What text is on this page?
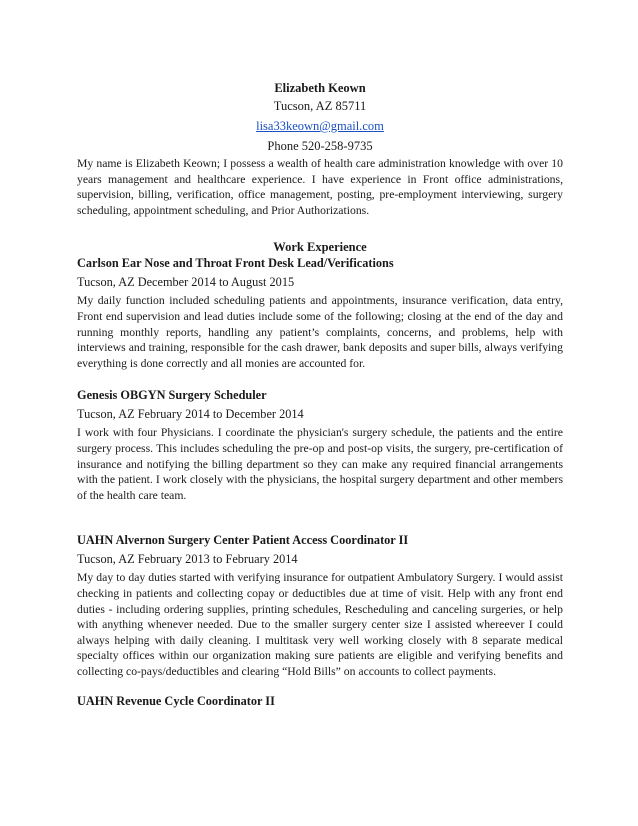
Elizabeth Keown
Tucson, AZ 85711
lisa33keown@gmail.com
Phone 520-258-9735

My name is Elizabeth Keown; I possess a wealth of health care administration knowledge with over 10 years management and healthcare experience. I have experience in Front office administrations, supervision, billing, verification, office management, posting, pre-employment interviewing, surgery scheduling, appointment scheduling, and Prior Authorizations.

Work Experience

Carlson Ear Nose and Throat Front Desk Lead/Verifications

Tucson, AZ December 2014 to August 2015

My daily function included scheduling patients and appointments, insurance verification, data entry, Front end supervision and lead duties include some of the following; closing at the end of the day and running monthly reports, handling any patient’s complaints, concerns, and problems, help with interviews and training, responsible for the cash drawer, bank deposits and super bills, always verifying everything is done correctly and all monies are accounted for.

Genesis OBGYN Surgery Scheduler

Tucson, AZ February 2014 to December 2014

I work with four Physicians. I coordinate the physician's surgery schedule, the patients and the entire surgery process. This includes scheduling the pre-op and post-op visits, the surgery, pre-certification of insurance and notifying the billing department so they can make any required financial arrangements with the patient. I work closely with the physicians, the hospital surgery department and other members of the health care team.

UAHN Alvernon Surgery Center Patient Access Coordinator II

Tucson, AZ February 2013 to February 2014

My day to day duties started with verifying insurance for outpatient Ambulatory Surgery. I would assist checking in patients and collecting copay or deductibles due at time of visit. Help with any front end duties - including ordering supplies, printing schedules, Rescheduling and canceling surgeries, or help with anything whenever needed. Due to the smaller surgery center size I assisted whereever I could always helping with daily cleaning. I multitask very well working closely with 8 separate medical specialty offices within our organization making sure patients are eligible and verifying benefits and collecting co-pays/deductibles and clearing “Hold Bills” on accounts to collect payments.

UAHN Revenue Cycle Coordinator II
